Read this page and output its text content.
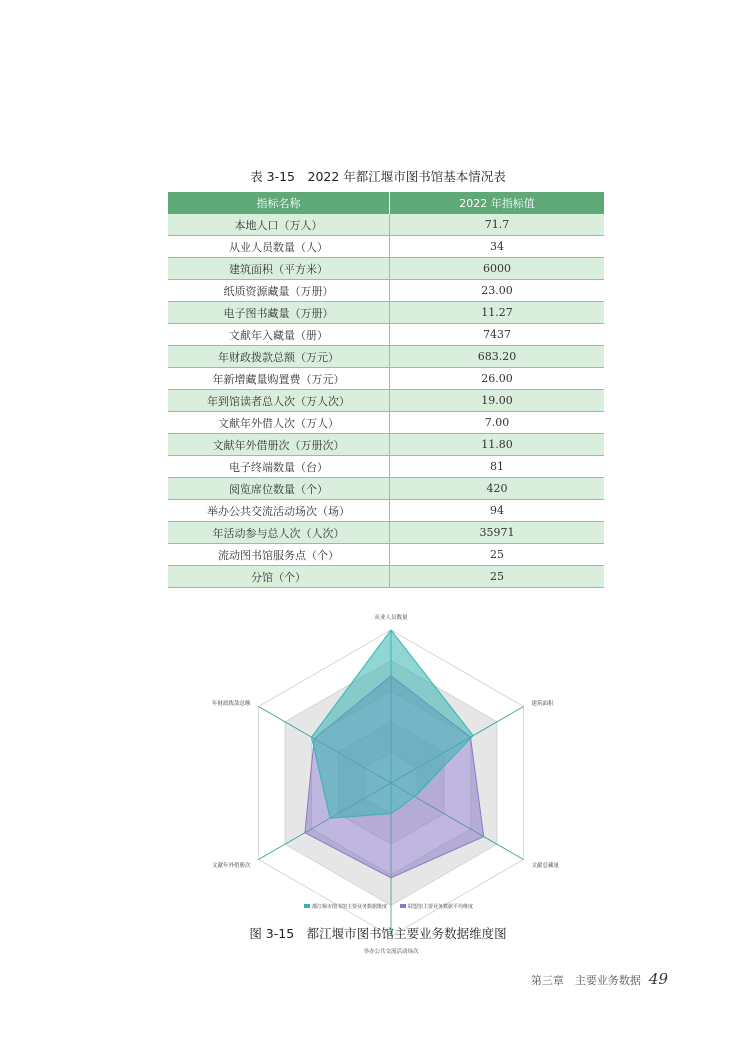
表 3-15　2022 年都江堰市图书馆基本情况表
指标名称	2022 年指标值
本地人口（万人）	71.7
从业人员数量（人）	34
建筑面积（平方米）	6000
纸质资源藏量（万册）	23.00
电子图书藏量（万册）	11.27
文献年入藏量（册）	7437
年财政拨款总额（万元）	683.20
年新增藏量购置费（万元）	26.00
年到馆读者总人次（万人次）	19.00
文献年外借人次（万人）	7.00
文献年外借册次（万册次）	11.80
电子终端数量（台）	81
阅览席位数量（个）	420
举办公共交流活动场次（场）	94
年活动参与总人次（人次）	35971
流动图书馆服务点（个）	25
分馆（个）	25
从业人员数量
建筑面积
文献总藏量
举办公共交流活动场次
文献年外借册次
年财政拨款总额
都江堰市图书馆主要业务数据维度	联盟馆主要业务数据平均维度
图 3-15　都江堰市图书馆主要业务数据维度图
第三章　主要业务数据 49
